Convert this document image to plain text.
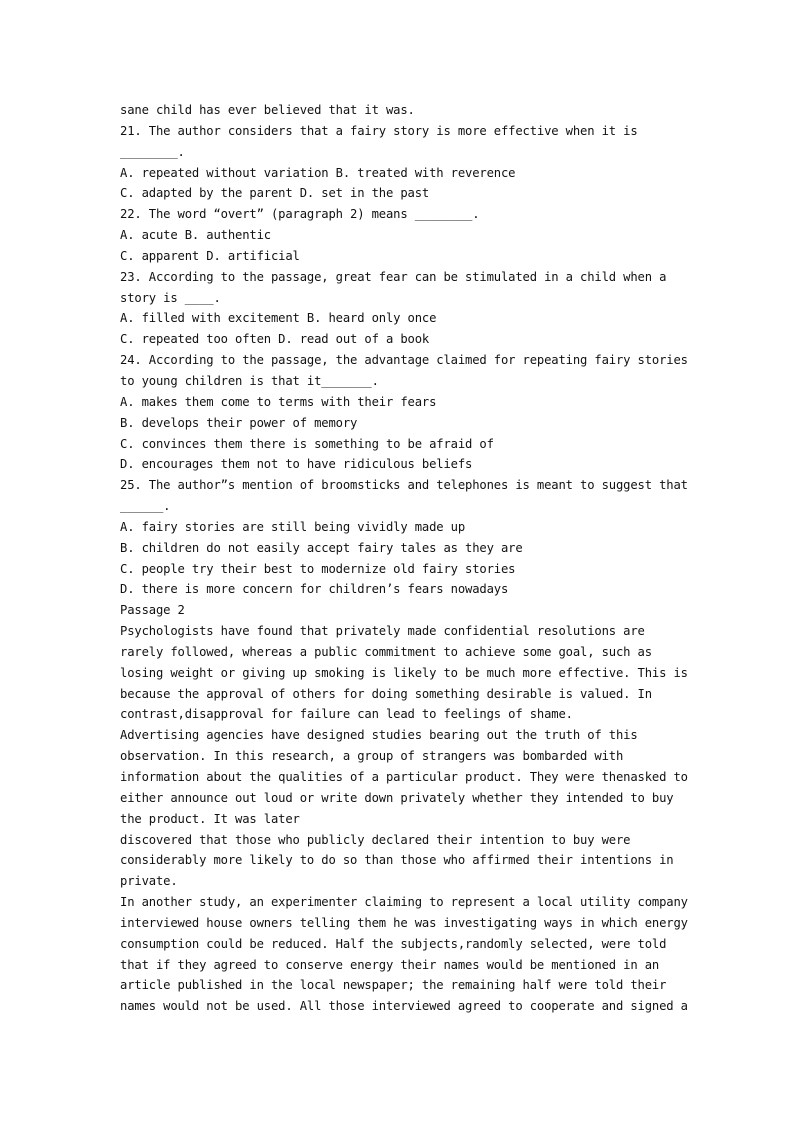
sane child has ever believed that it was.
21. The author considers that a fairy story is more effective when it is
________.
A. repeated without variation B. treated with reverence
C. adapted by the parent D. set in the past
22. The word “overt” (paragraph 2) means ________.
A. acute B. authentic
C. apparent D. artificial
23. According to the passage, great fear can be stimulated in a child when a
story is ____.
A. filled with excitement B. heard only once
C. repeated too often D. read out of a book
24. According to the passage, the advantage claimed for repeating fairy stories
to young children is that it_______.
A. makes them come to terms with their fears
B. develops their power of memory
C. convinces them there is something to be afraid of
D. encourages them not to have ridiculous beliefs
25. The author”s mention of broomsticks and telephones is meant to suggest that
______.
A. fairy stories are still being vividly made up
B. children do not easily accept fairy tales as they are
C. people try their best to modernize old fairy stories
D. there is more concern for children’s fears nowadays
Passage 2
Psychologists have found that privately made confidential resolutions are
rarely followed, whereas a public commitment to achieve some goal, such as
losing weight or giving up smoking is likely to be much more effective. This is
because the approval of others for doing something desirable is valued. In
contrast,disapproval for failure can lead to feelings of shame.
Advertising agencies have designed studies bearing out the truth of this
observation. In this research, a group of strangers was bombarded with
information about the qualities of a particular product. They were thenasked to
either announce out loud or write down privately whether they intended to buy
the product. It was later
discovered that those who publicly declared their intention to buy were
considerably more likely to do so than those who affirmed their intentions in
private.
In another study, an experimenter claiming to represent a local utility company
interviewed house owners telling them he was investigating ways in which energy
consumption could be reduced. Half the subjects,randomly selected, were told
that if they agreed to conserve energy their names would be mentioned in an
article published in the local newspaper; the remaining half were told their
names would not be used. All those interviewed agreed to cooperate and signed a
